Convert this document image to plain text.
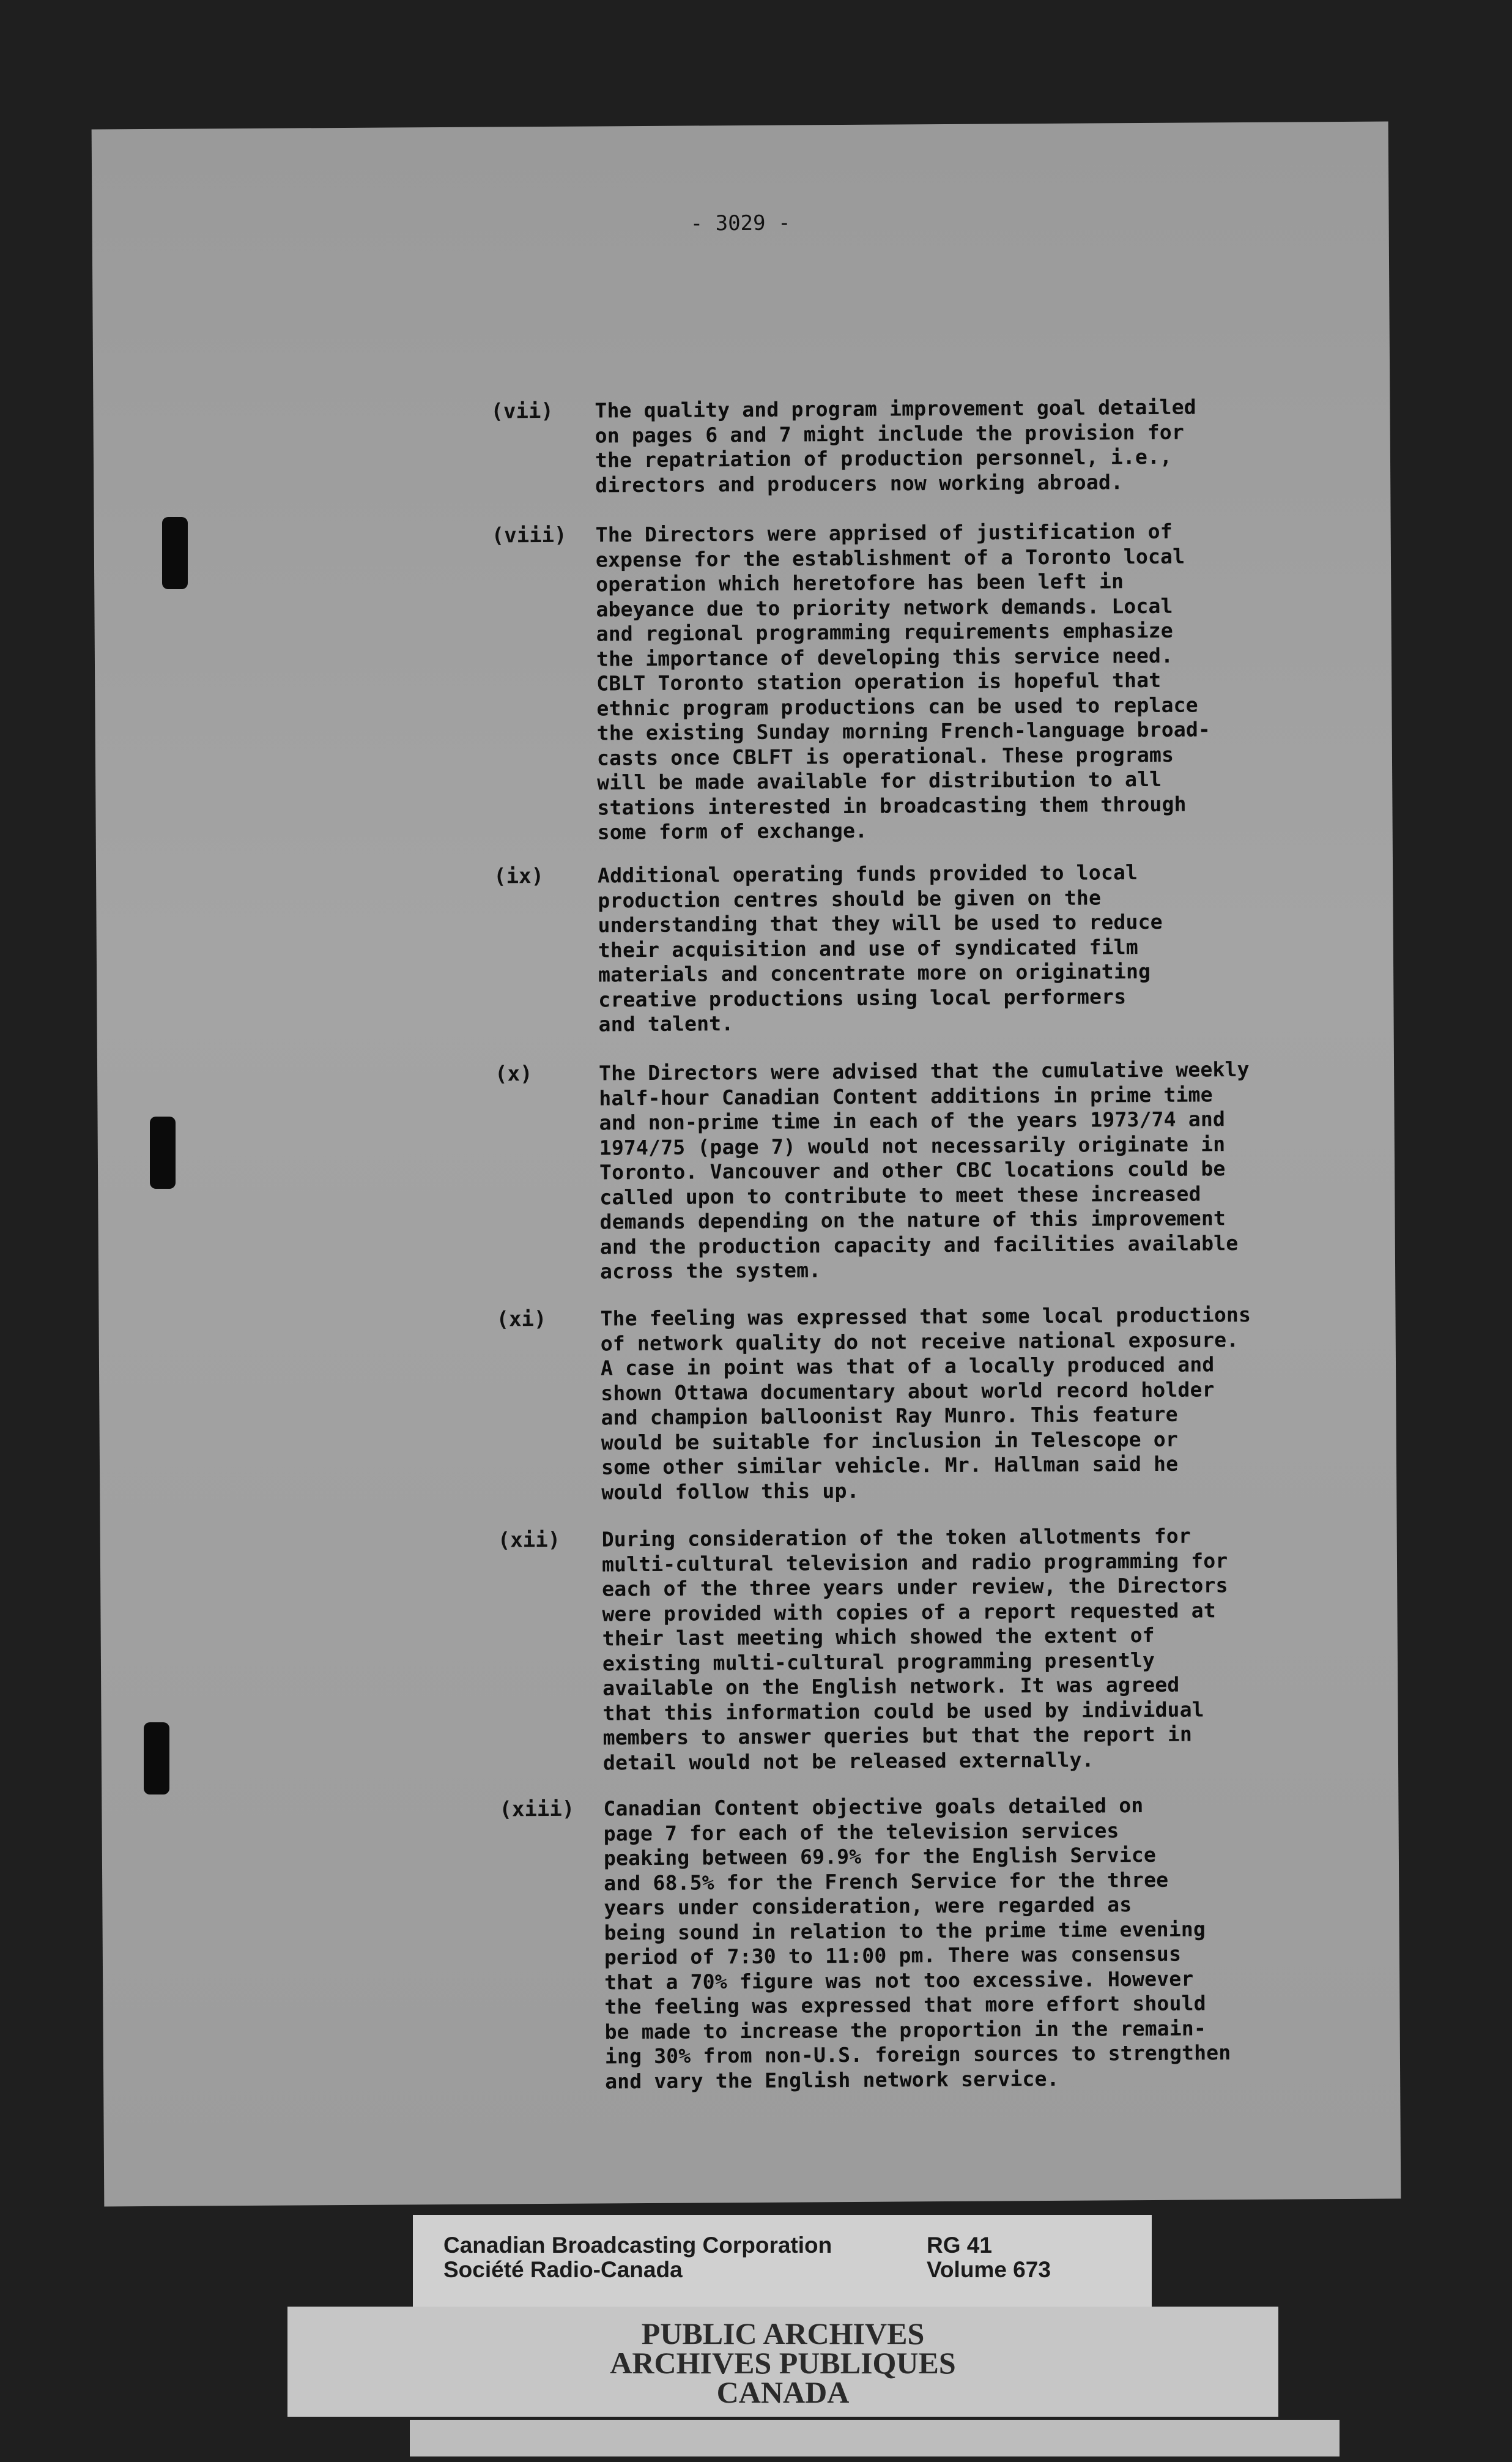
- 3029 -
(vii) The quality and program improvement goal detailed
on pages 6 and 7 might include the provision for
the repatriation of production personnel, i.e.,
directors and producers now working abroad.
(viii) The Directors were apprised of justification of
expense for the establishment of a Toronto local
operation which heretofore has been left in
abeyance due to priority network demands. Local
and regional programming requirements emphasize
the importance of developing this service need.
CBLT Toronto station operation is hopeful that
ethnic program productions can be used to replace
the existing Sunday morning French-language broad-
casts once CBLFT is operational. These programs
will be made available for distribution to all
stations interested in broadcasting them through
some form of exchange.
(ix)	Additional operating funds provided to local
production centres should be given on the
understanding that they will be used to reduce
their acquisition and use of syndicated film
materials and concentrate more on originating
creative productions using local performers
and talent.
(x)	The Directors were advised that the cumulative weekly
half-hour Canadian Content additions in prime time
and non-prime time in each of the years 1973/74 and
1974/75 (page 7) would not necessarily originate in
Toronto. Vancouver and other CBC locations could be
called upon to contribute to meet these increased
demands depending on the nature of this improvement
and the production capacity and facilities available
across the system.
(xi)	The feeling was expressed that some local productions
of network quality do not receive national exposure.
A case in point was that of a locally produced and
shown Ottawa documentary about world record holder
and champion balloonist Ray Munro. This feature
would be suitable for inclusion in Telescope or
some other similar vehicle. Mr. Hallman said he
would follow this up.
(xii) During consideration of the token allotments for
multi-cultural television and radio programming for
each of the three years under review, the Directors
were provided with copies of a report requested at
their last meeting which showed the extent of
existing multi-cultural programming presently
available on the English network. It was agreed
that this information could be used by individual
members to answer queries but that the report in
detail would not be released externally.
(xiii) Canadian Content objective goals detailed on
page 7 for each of the television services
peaking between 69.9% for the English Service
and 68.5% for the French Service for the three
years under consideration, were regarded as
being sound in relation to the prime time evening
period of 7:30 to 11:00 pm. There was consensus
that a 70% figure was not too excessive. However
the feeling was expressed that more effort should
be made to increase the proportion in the remain-
ing 30% from non-U.S. foreign sources to strengthen
and vary the English network service.
Canadian Broadcasting Corporation
Société Radio-Canada
RG 41
Volume 673
PUBLIC ARCHIVES
ARCHIVES PUBLIQUES
CANADA
